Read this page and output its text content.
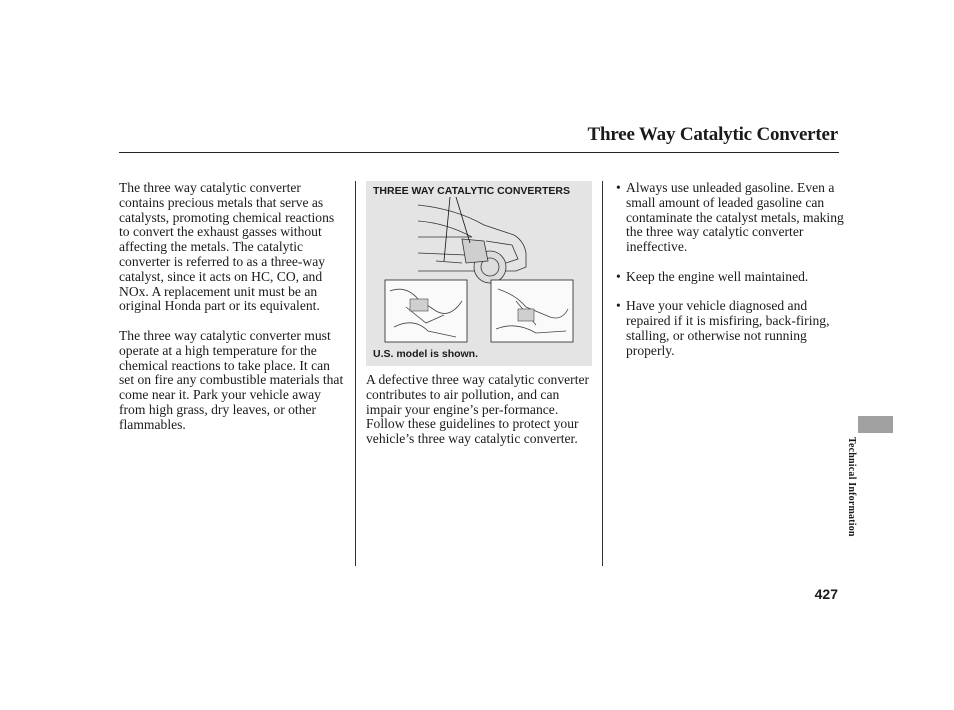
Three Way Catalytic Converter

The three way catalytic converter contains precious metals that serve as catalysts, promoting chemical reactions to convert the exhaust gasses without affecting the metals. The catalytic converter is referred to as a three-way catalyst, since it acts on HC, CO, and NOx. A replacement unit must be an original Honda part or its equivalent.

The three way catalytic converter must operate at a high temperature for the chemical reactions to take place. It can set on fire any combustible materials that come near it. Park your vehicle away from high grass, dry leaves, or other flammables.

THREE WAY CATALYTIC CONVERTERS
U.S. model is shown.

A defective three way catalytic converter contributes to air pollution, and can impair your engine’s per-formance. Follow these guidelines to protect your vehicle’s three way catalytic converter.

• Always use unleaded gasoline. Even a small amount of leaded gasoline can contaminate the catalyst metals, making the three way catalytic converter ineffective.
• Keep the engine well maintained.
• Have your vehicle diagnosed and repaired if it is misfiring, back-firing, stalling, or otherwise not running properly.
Technical Information
427
